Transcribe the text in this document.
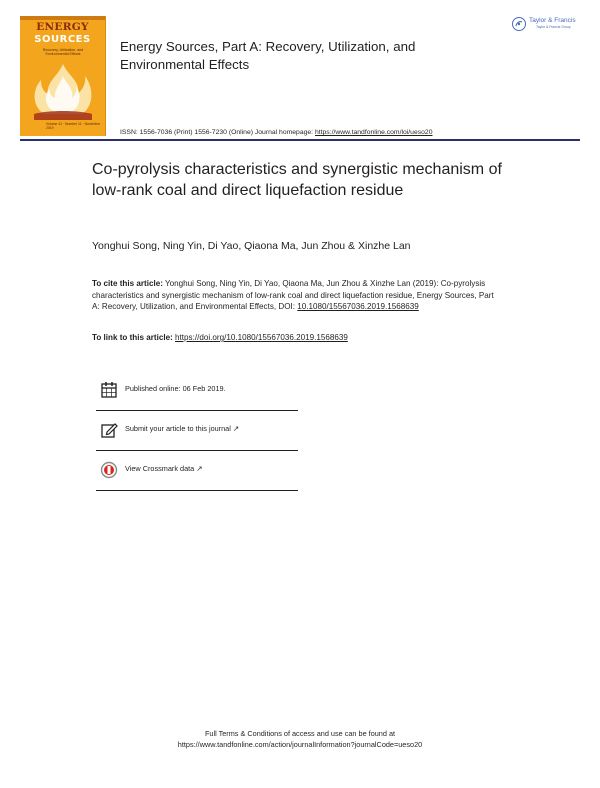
ENERGY
SOURCES
Recovery, Utilization, and Environmental Effects
Volume 41 · Number 11 · November 2019
Energy Sources, Part A: Recovery, Utilization, and Environmental Effects
ISSN: 1556-7036 (Print) 1556-7230 (Online) Journal homepage: https://www.tandfonline.com/loi/ueso20
Taylor & Francis
Taylor & Francis Group
Co-pyrolysis characteristics and synergistic mechanism of low-rank coal and direct liquefaction residue
Yonghui Song, Ning Yin, Di Yao, Qiaona Ma, Jun Zhou & Xinzhe Lan
To cite this article: Yonghui Song, Ning Yin, Di Yao, Qiaona Ma, Jun Zhou & Xinzhe Lan (2019): Co-pyrolysis characteristics and synergistic mechanism of low-rank coal and direct liquefaction residue, Energy Sources, Part A: Recovery, Utilization, and Environmental Effects, DOI: 10.1080/15567036.2019.1568639
To link to this article: https://doi.org/10.1080/15567036.2019.1568639
Published online: 06 Feb 2019.
Submit your article to this journal ↗
View Crossmark data ↗
Full Terms & Conditions of access and use can be found at
https://www.tandfonline.com/action/journalInformation?journalCode=ueso20
